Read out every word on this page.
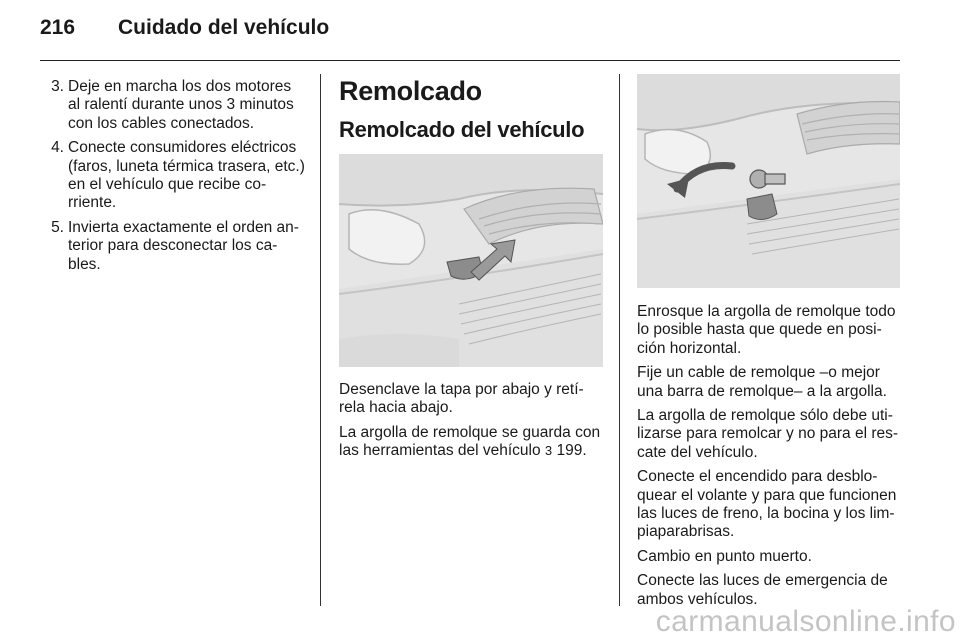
216	Cuidado del vehículo
3. Deje en marcha los dos motores al ralentí durante unos 3 minutos con los cables conectados.
4. Conecte consumidores eléctricos (faros, luneta térmica trasera, etc.) en el vehículo que recibe co-rriente.
5. Invierta exactamente el orden an-terior para desconectar los ca-bles.
Remolcado
Remolcado del vehículo

Desenclave la tapa por abajo y retí-rela hacia abajo.

La argolla de remolque se guarda con las herramientas del vehículo 3 199.

Enrosque la argolla de remolque todo lo posible hasta que quede en posi-ción horizontal.

Fije un cable de remolque –o mejor una barra de remolque– a la argolla.

La argolla de remolque sólo debe uti-lizarse para remolcar y no para el res-cate del vehículo.

Conecte el encendido para desblo-quear el volante y para que funcionen las luces de freno, la bocina y los lim-piaparabrisas.

Cambio en punto muerto.

Conecte las luces de emergencia de ambos vehículos.

carmanualsonline.info
